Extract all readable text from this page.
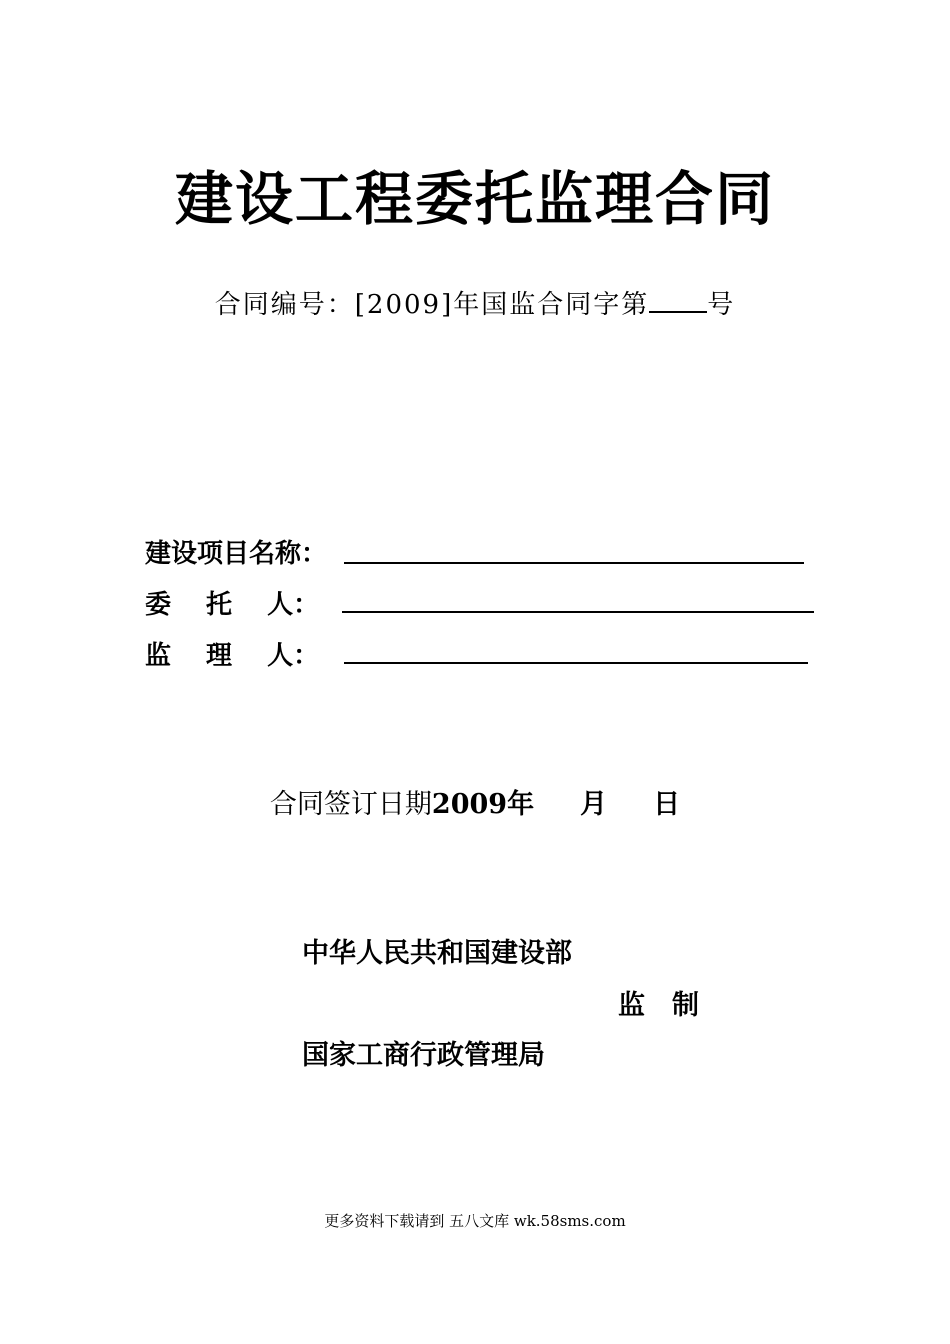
建设工程委托监理合同
合同编号：[2009]年国监合同字第 号
建设项目名称：
委　 托　 人：
监　 理　 人：
合同签订日期2009年 月 日
中华人民共和国建设部
监　制
国家工商行政管理局
更多资料下载请到 五八文库 wk.58sms.com
